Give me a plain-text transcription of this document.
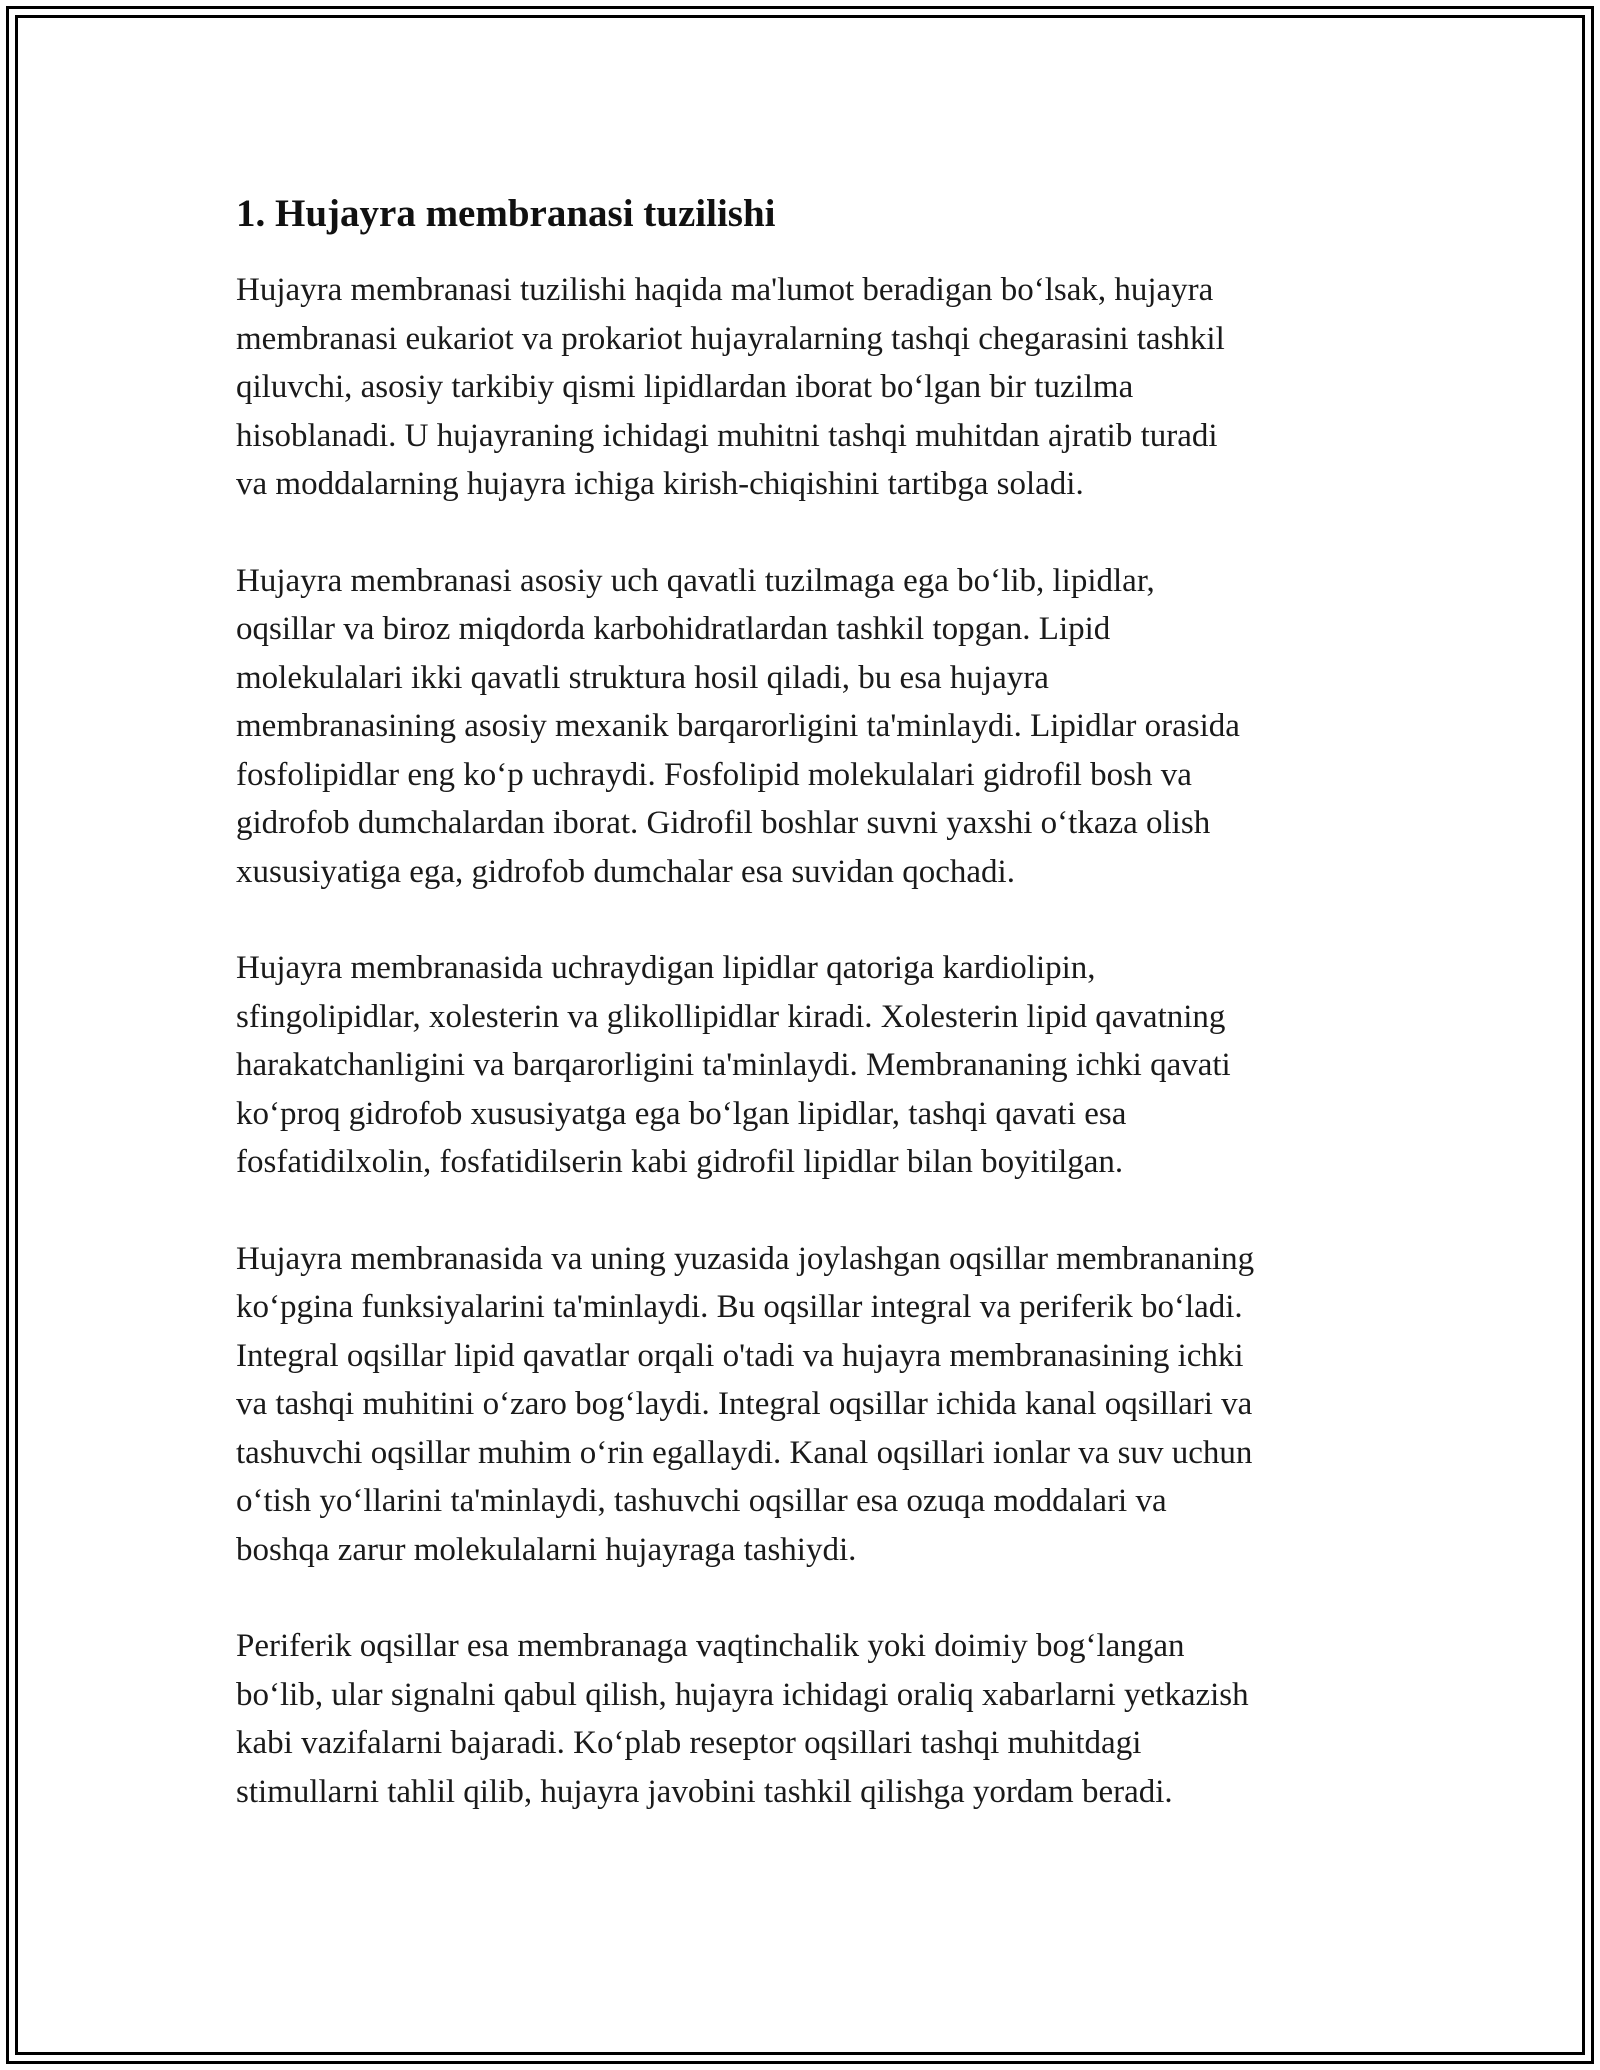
1. Hujayra membranasi tuzilishi

Hujayra membranasi tuzilishi haqida ma'lumot beradigan bo‘lsak, hujayra
membranasi eukariot va prokariot hujayralarning tashqi chegarasini tashkil
qiluvchi, asosiy tarkibiy qismi lipidlardan iborat bo‘lgan bir tuzilma
hisoblanadi. U hujayraning ichidagi muhitni tashqi muhitdan ajratib turadi
va moddalarning hujayra ichiga kirish-chiqishini tartibga soladi.

Hujayra membranasi asosiy uch qavatli tuzilmaga ega bo‘lib, lipidlar,
oqsillar va biroz miqdorda karbohidratlardan tashkil topgan. Lipid
molekulalari ikki qavatli struktura hosil qiladi, bu esa hujayra
membranasining asosiy mexanik barqarorligini ta'minlaydi. Lipidlar orasida
fosfolipidlar eng ko‘p uchraydi. Fosfolipid molekulalari gidrofil bosh va
gidrofob dumchalardan iborat. Gidrofil boshlar suvni yaxshi o‘tkaza olish
xususiyatiga ega, gidrofob dumchalar esa suvidan qochadi.

Hujayra membranasida uchraydigan lipidlar qatoriga kardiolipin,
sfingolipidlar, xolesterin va glikollipidlar kiradi. Xolesterin lipid qavatning
harakatchanligini va barqarorligini ta'minlaydi. Membrananing ichki qavati
ko‘proq gidrofob xususiyatga ega bo‘lgan lipidlar, tashqi qavati esa
fosfatidilxolin, fosfatidilserin kabi gidrofil lipidlar bilan boyitilgan.

Hujayra membranasida va uning yuzasida joylashgan oqsillar membrananing
ko‘pgina funksiyalarini ta'minlaydi. Bu oqsillar integral va periferik bo‘ladi.
Integral oqsillar lipid qavatlar orqali o'tadi va hujayra membranasining ichki
va tashqi muhitini o‘zaro bog‘laydi. Integral oqsillar ichida kanal oqsillari va
tashuvchi oqsillar muhim o‘rin egallaydi. Kanal oqsillari ionlar va suv uchun
o‘tish yo‘llarini ta'minlaydi, tashuvchi oqsillar esa ozuqa moddalari va
boshqa zarur molekulalarni hujayraga tashiydi.

Periferik oqsillar esa membranaga vaqtinchalik yoki doimiy bog‘langan
bo‘lib, ular signalni qabul qilish, hujayra ichidagi oraliq xabarlarni yetkazish
kabi vazifalarni bajaradi. Ko‘plab reseptor oqsillari tashqi muhitdagi
stimullarni tahlil qilib, hujayra javobini tashkil qilishga yordam beradi.
